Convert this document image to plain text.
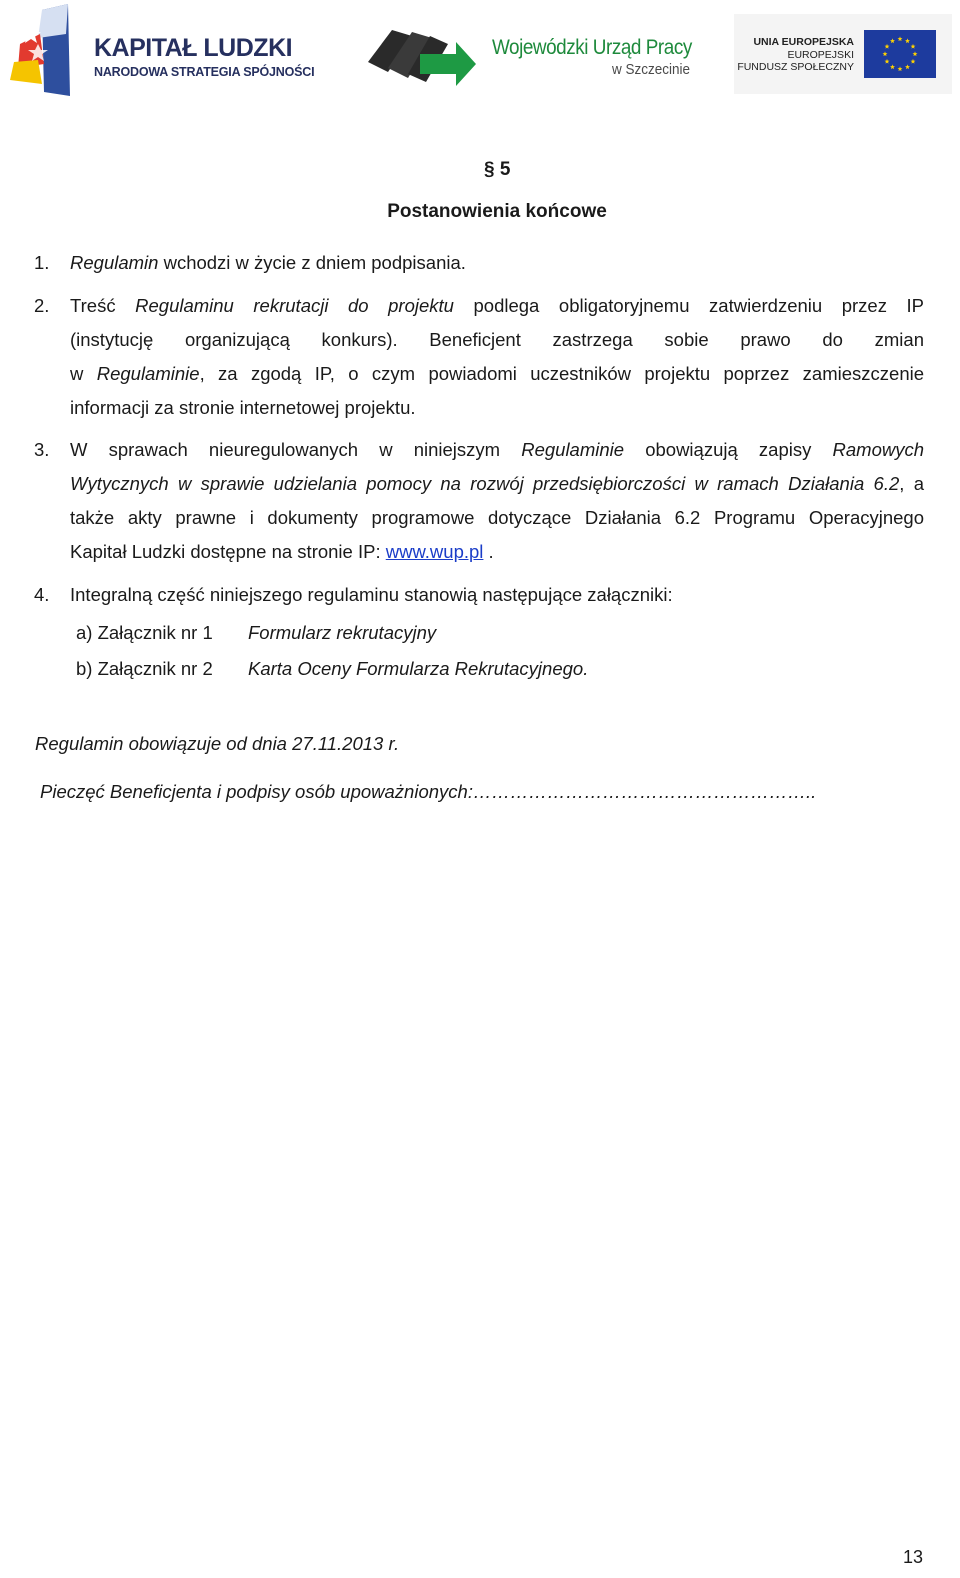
KAPITAŁ LUDZKI
NARODOWA STRATEGIA SPÓJNOŚCI
Wojewódzki Urząd Pracy
w Szczecinie
UNIA EUROPEJSKA
EUROPEJSKI
FUNDUSZ SPOŁECZNY
§ 5
Postanowienia końcowe
1. Regulamin wchodzi w życie z dniem podpisania.
2. Treść Regulaminu rekrutacji do projektu podlega obligatoryjnemu zatwierdzeniu przez IP
(instytucję organizującą konkurs). Beneficjent zastrzega sobie prawo do zmian
w Regulaminie, za zgodą IP, o czym powiadomi uczestników projektu poprzez zamieszczenie
informacji za stronie internetowej projektu.
3. W sprawach nieuregulowanych w niniejszym Regulaminie obowiązują zapisy Ramowych
Wytycznych w sprawie udzielania pomocy na rozwój przedsiębiorczości w ramach Działania 6.2, a
także akty prawne i dokumenty programowe dotyczące Działania 6.2 Programu Operacyjnego
Kapitał Ludzki dostępne na stronie IP: www.wup.pl .
4. Integralną część niniejszego regulaminu stanowią następujące załączniki:
a) Załącznik nr 1 Formularz rekrutacyjny
b) Załącznik nr 2 Karta Oceny Formularza Rekrutacyjnego.
Regulamin obowiązuje od dnia 27.11.2013 r.
Pieczęć Beneficjenta i podpisy osób upoważnionych:………………………………………………..
13
